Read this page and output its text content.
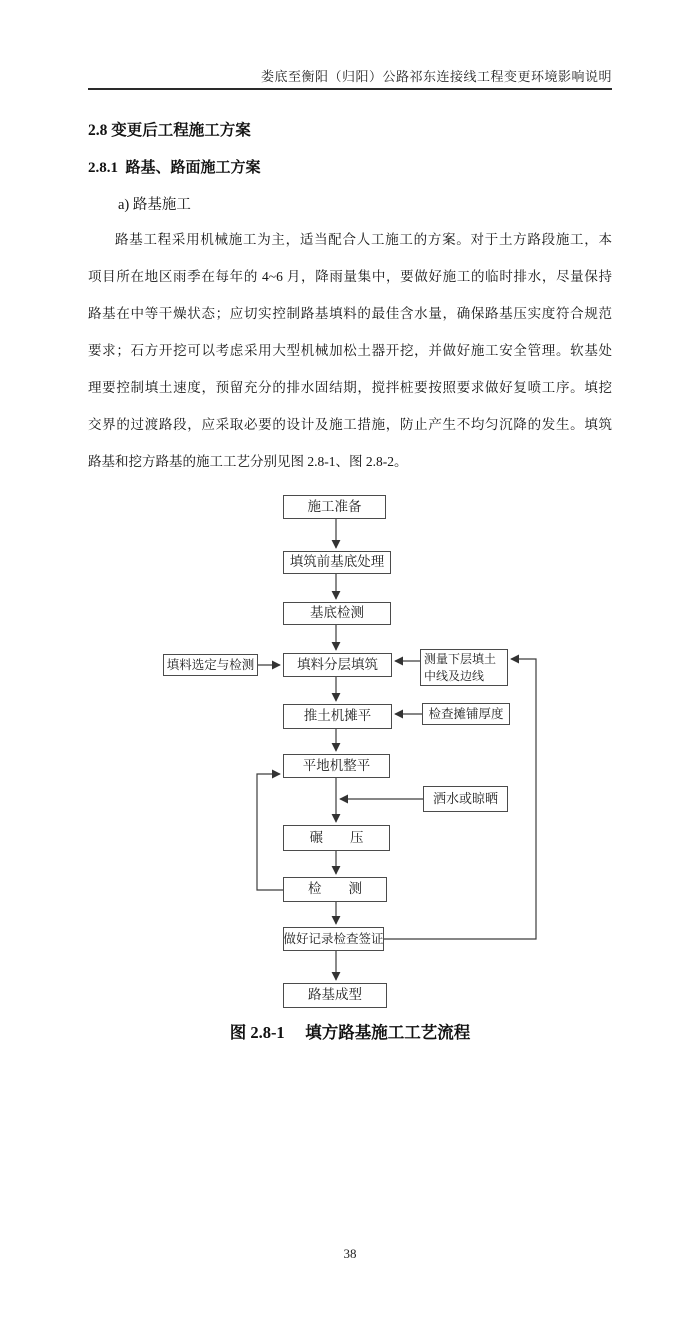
娄底至衡阳（归阳）公路祁东连接线工程变更环境影响说明
2.8 变更后工程施工方案
2.8.1  路基、路面施工方案
a) 路基施工
路基工程采用机械施工为主，适当配合人工施工的方案。对于土方路段施工，本
项目所在地区雨季在每年的 4~6 月，降雨量集中，要做好施工的临时排水，尽量保持
路基在中等干燥状态；应切实控制路基填料的最佳含水量，确保路基压实度符合规范
要求；石方开挖可以考虑采用大型机械加松土器开挖，并做好施工安全管理。软基处
理要控制填土速度，预留充分的排水固结期，搅拌桩要按照要求做好复喷工序。填挖
交界的过渡路段，应采取必要的设计及施工措施，防止产生不均匀沉降的发生。填筑
路基和挖方路基的施工工艺分别见图 2.8-1、图 2.8-2。
施工准备
填筑前基底处理
基底检测
填料分层填筑
推土机摊平
平地机整平
碾　　压
检　　测
做好记录检查签证
路基成型
填料选定与检测	测量下层填土中线及边线
检查摊铺厚度
洒水或晾晒
图 2.8-1　 填方路基施工工艺流程
38
